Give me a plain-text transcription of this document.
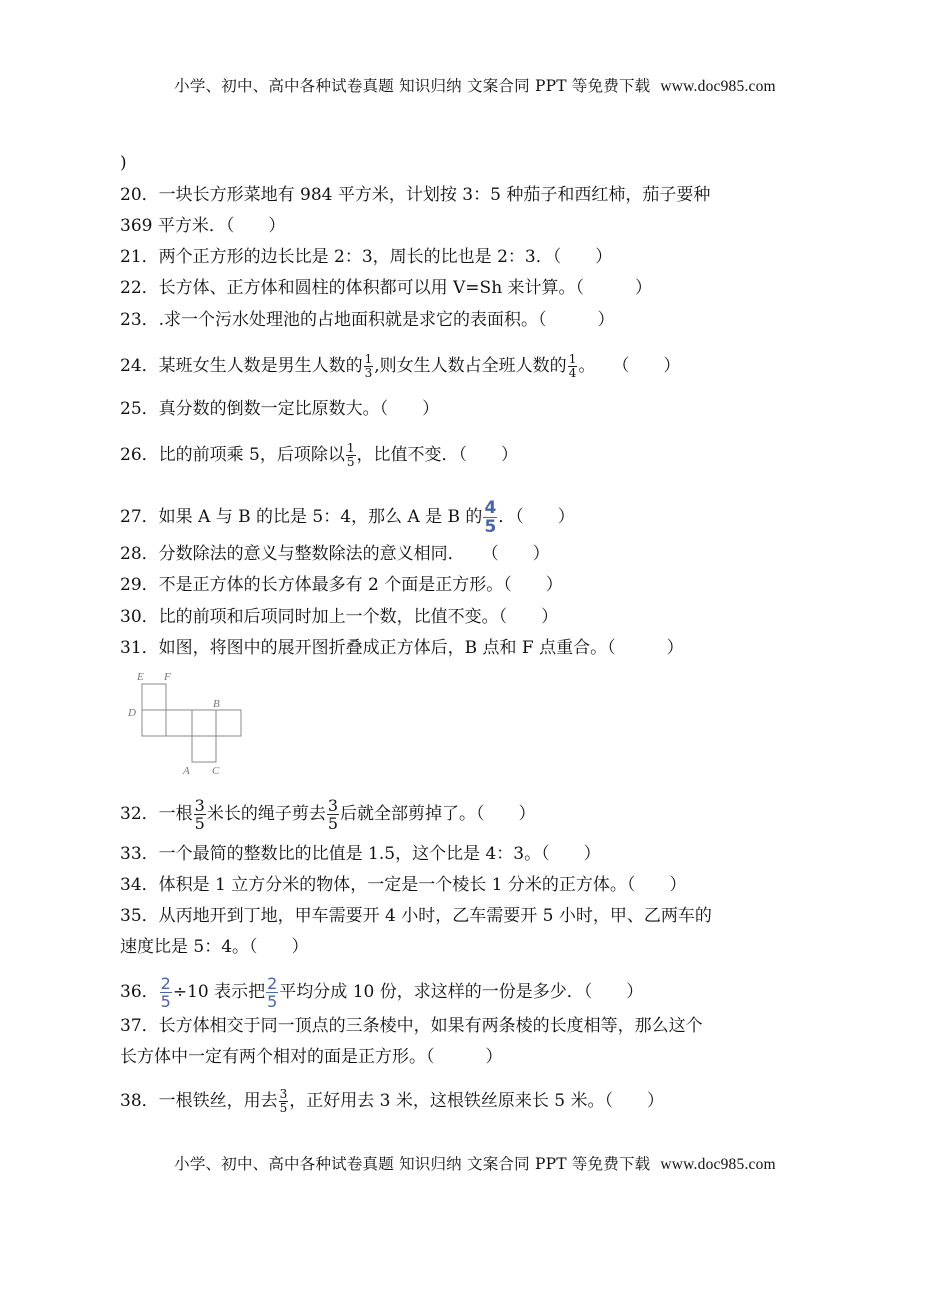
小学、初中、高中各种试卷真题 知识归纳 文案合同 PPT 等免费下载 www.doc985.com
)
20．一块长方形菜地有 984 平方米，计划按 3：5 种茄子和西红柿，茄子要种
369 平方米．（　　）
21．两个正方形的边长比是 2：3，周长的比也是 2：3．（　　）
22．长方体、正方体和圆柱的体积都可以用 V=Sh 来计算。（　　　）
23．.求一个污水处理池的占地面积就是求它的表面积。（　　　）
24．某班女生人数是男生人数的 $\frac{1}{3}$ ,则女生人数占全班人数的 $\frac{1}{4}$ 。　　（　　）
25．真分数的倒数一定比原数大。（　　）
26．比的前项乘 5，后项除以 $\frac{1}{5}$ ，比值不变．（　　）
27．如果 A 与 B 的比是 5：4，那么 A 是 B 的 $\frac{4}{5}$ ．（　　）
28．分数除法的意义与整数除法的意义相同．　　（　　）
29．不是正方体的长方体最多有 2 个面是正方形。（　　）
30．比的前项和后项同时加上一个数，比值不变。（　　）
31．如图，将图中的展开图折叠成正方体后，B 点和 F 点重合。（　　　）
E F
D
B
A C
32．一根 $\frac{3}{5}$ 米长的绳子剪去 $\frac{3}{5}$ 后就全部剪掉了。（　　）
33．一个最简的整数比的比值是 1.5，这个比是 4：3。（　　）
34．体积是 1 立方分米的物体，一定是一个棱长 1 分米的正方体。（　　）
35．从丙地开到丁地，甲车需要开 4 小时，乙车需要开 5 小时，甲、乙两车的
速度比是 5：4。（　　）
36． $\frac{2}{5} \div 10$ 表示把 $\frac{2}{5}$ 平均分成 10 份，求这样的一份是多少．（　　）
37．长方体相交于同一顶点的三条棱中，如果有两条棱的长度相等，那么这个
长方体中一定有两个相对的面是正方形。（　　　）
38．一根铁丝，用去 $\frac{3}{5}$ ，正好用去 3 米，这根铁丝原来长 5 米。（　　）
小学、初中、高中各种试卷真题 知识归纳 文案合同 PPT 等免费下载 www.doc985.com
